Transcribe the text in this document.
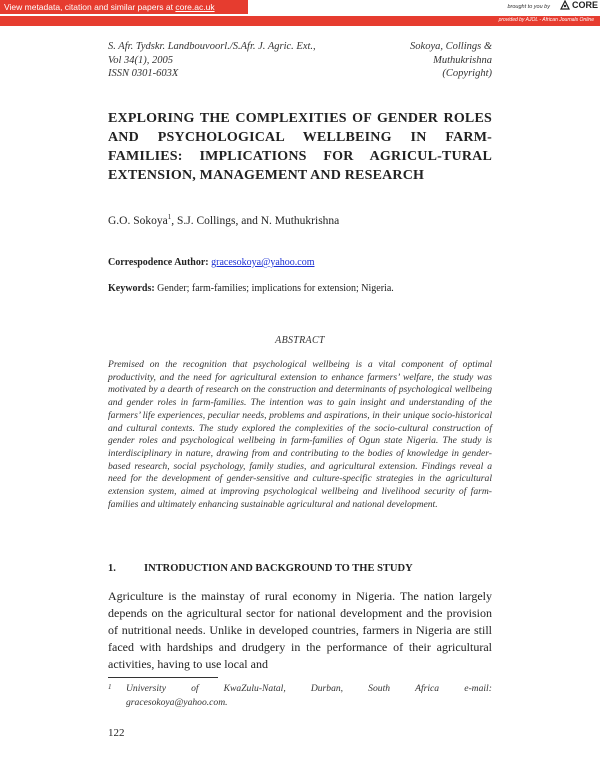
View metadata, citation and similar papers at core.ac.uk	brought to you by CORE
provided by AJOL - African Journals Online
S. Afr. Tydskr. Landbouvoorl./S.Afr. J. Agric. Ext.,
Vol 34(1), 2005
ISSN 0301-603X
Sokoya, Collings &
Muthukrishna
(Copyright)
EXPLORING THE COMPLEXITIES OF GENDER ROLES AND PSYCHOLOGICAL WELLBEING IN FARM-FAMILIES: IMPLICATIONS FOR AGRICUL-TURAL EXTENSION, MANAGEMENT AND RESEARCH
G.O. Sokoya$^1$, S.J. Collings, and N. Muthukrishna
Correspodence Author: gracesokoya@yahoo.com
Keywords: Gender; farm-families; implications for extension; Nigeria.
ABSTRACT
Premised on the recognition that psychological wellbeing is a vital component of optimal productivity, and the need for agricultural extension to enhance farmers’ welfare, the study was motivated by a dearth of research on the construction and determinants of psychological wellbeing and gender roles in farm-families. The intention was to gain insight and understanding of the farmers’ life experiences, peculiar needs, problems and aspirations, in their unique socio-historical and cultural contexts. The study explored the complexities of the socio-cultural construction of gender roles and psychological wellbeing in farm-families of Ogun state Nigeria. The study is interdisciplinary in nature, drawing from and contributing to the bodies of knowledge in gender-based research, social psychology, family studies, and agricultural extension. Findings reveal a need for the development of gender-sensitive and culture-specific strategies in the agricultural extension system, aimed at improving psychological wellbeing and livelihood security of farm-families and ultimately enhancing sustainable agricultural and national development.
1.	INTRODUCTION AND BACKGROUND TO THE STUDY
Agriculture is the mainstay of rural economy in Nigeria. The nation largely depends on the agricultural sector for national development and the provision of nutritional needs. Unlike in developed countries, farmers in Nigeria are still faced with hardships and drudgery in the performance of their agricultural activities, having to use local and
1 University	of	KwaZulu-Natal,	Durban,	South	Africa	e-mail:
gracesokoya@yahoo.com.
122
